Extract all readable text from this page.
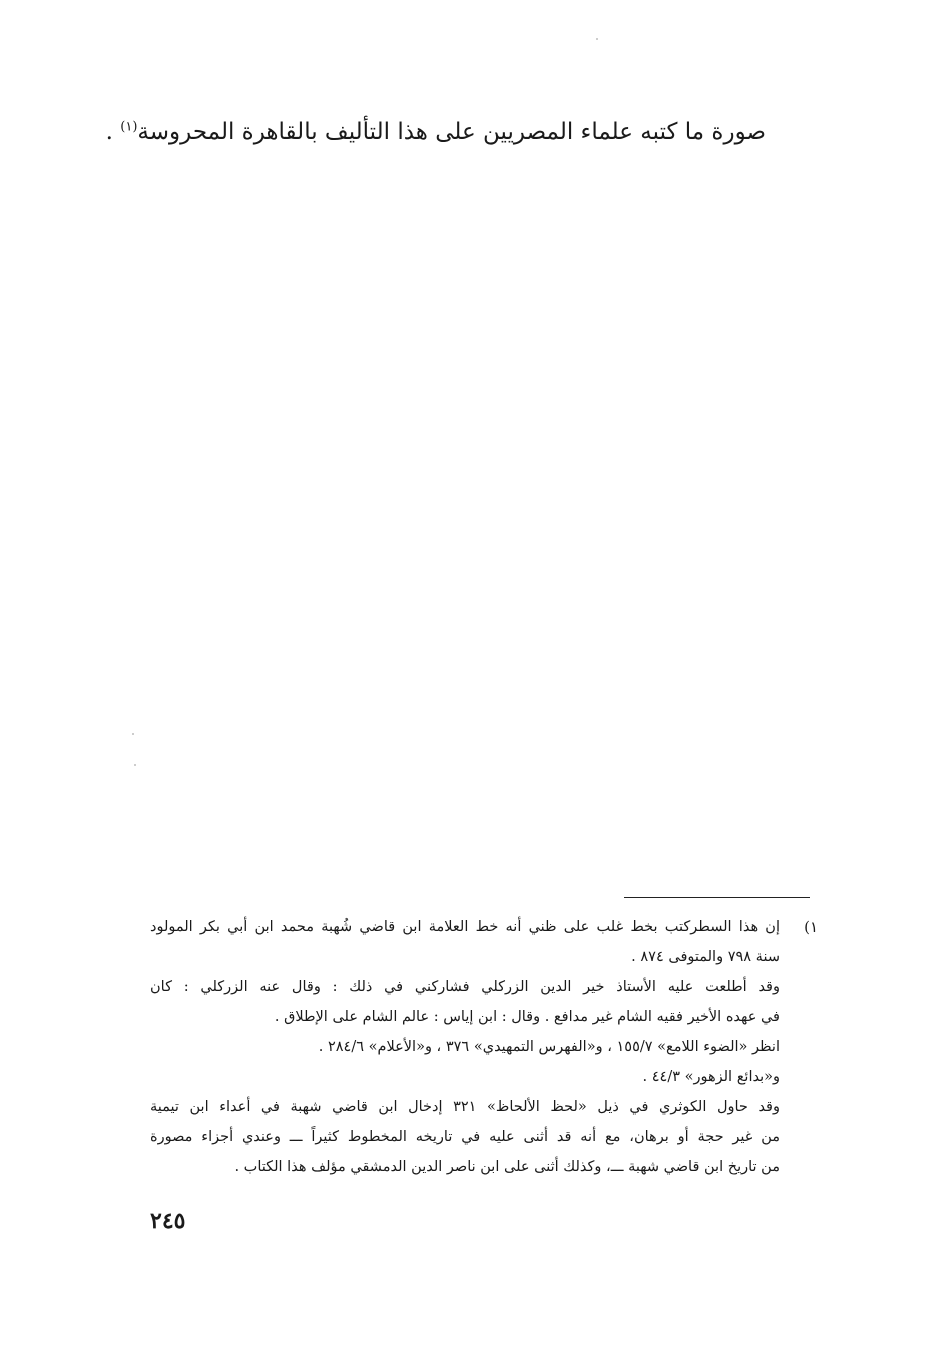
صورة ما كتبه علماء المصريين على هذا التأليف بالقاهرة المحروسة$^{(١)}$ .
١)
إن هذا السطركتب بخط غلب على ظني أنه خط العلامة ابن قاضي شُهبة محمد ابن أبي بكر المولود
سنة ٧٩٨ والمتوفى ٨٧٤ .
وقد أطلعت عليه الأستاذ خير الدين الزركلي فشاركني في ذلك : وقال عنه الزركلي : كان
في عهده الأخير فقيه الشام غير مدافع . وقال : ابن إياس : عالم الشام على الإطلاق .
انظر «الضوء اللامع» ١٥٥/٧ ، و«الفهرس التمهيدي» ٣٧٦ ، و«الأعلام» ٢٨٤/٦ .
و«بدائع الزهور» ٤٤/٣ .
وقد حاول الكوثري في ذيل «لحظ الألحاظ» ٣٢١ إدخال ابن قاضي شهبة في أعداء ابن تيمية
من غير حجة أو برهان، مع أنه قد أثنى عليه في تاريخه المخطوط كثيراً ـــ وعندي أجزاء مصورة
من تاريخ ابن قاضي شهبة ـــ، وكذلك أثنى على ابن ناصر الدين الدمشقي مؤلف هذا الكتاب .
٢٤٥
